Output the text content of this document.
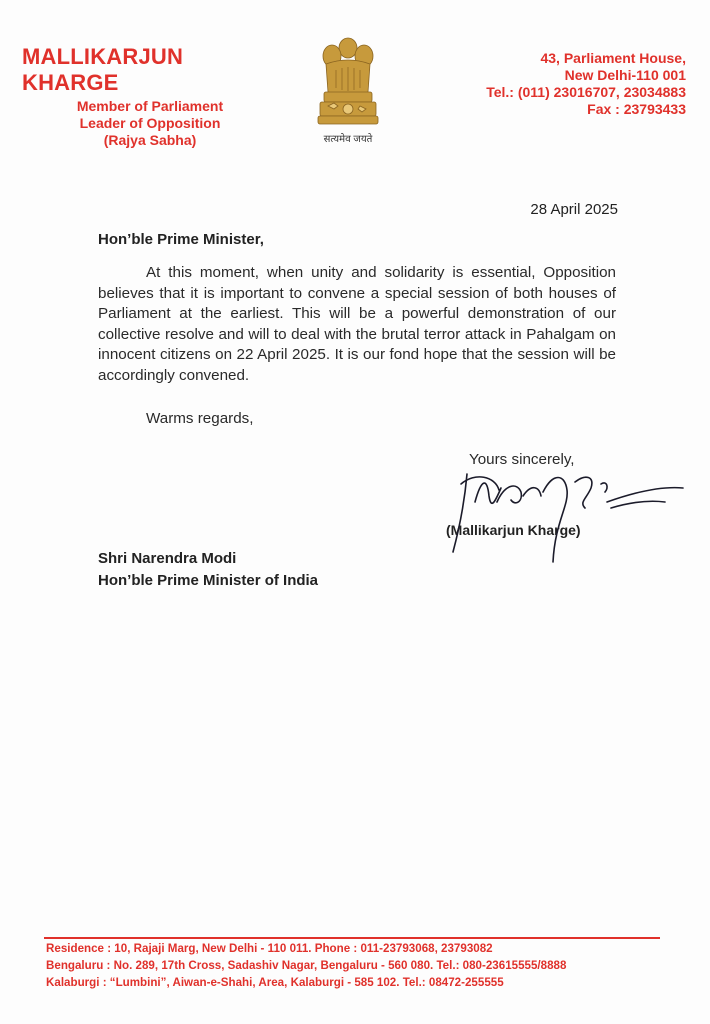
MALLIKARJUN KHARGE
Member of Parliament
Leader of Opposition
(Rajya Sabha)	सत्यमेव जयते
43, Parliament House,
New Delhi-110 001
Tel.: (011) 23016707, 23034883
Fax : 23793433
28 April 2025
Hon’ble Prime Minister,
At this moment, when unity and solidarity is essential, Opposition believes that it is important to convene a special session of both houses of Parliament at the earliest. This will be a powerful demonstration of our collective resolve and will to deal with the brutal terror attack in Pahalgam on innocent citizens on 22 April 2025. It is our fond hope that the session will be accordingly convened.
Warms regards,
Yours sincerely,
(Mallikarjun Kharge)
Shri Narendra Modi
Hon’ble Prime Minister of India
Residence : 10, Rajaji Marg, New Delhi - 110 011. Phone : 011-23793068, 23793082
Bengaluru : No. 289, 17th Cross, Sadashiv Nagar, Bengaluru - 560 080. Tel.: 080-23615555/8888
Kalaburgi : “Lumbini”, Aiwan-e-Shahi, Area, Kalaburgi - 585 102. Tel.: 08472-255555
